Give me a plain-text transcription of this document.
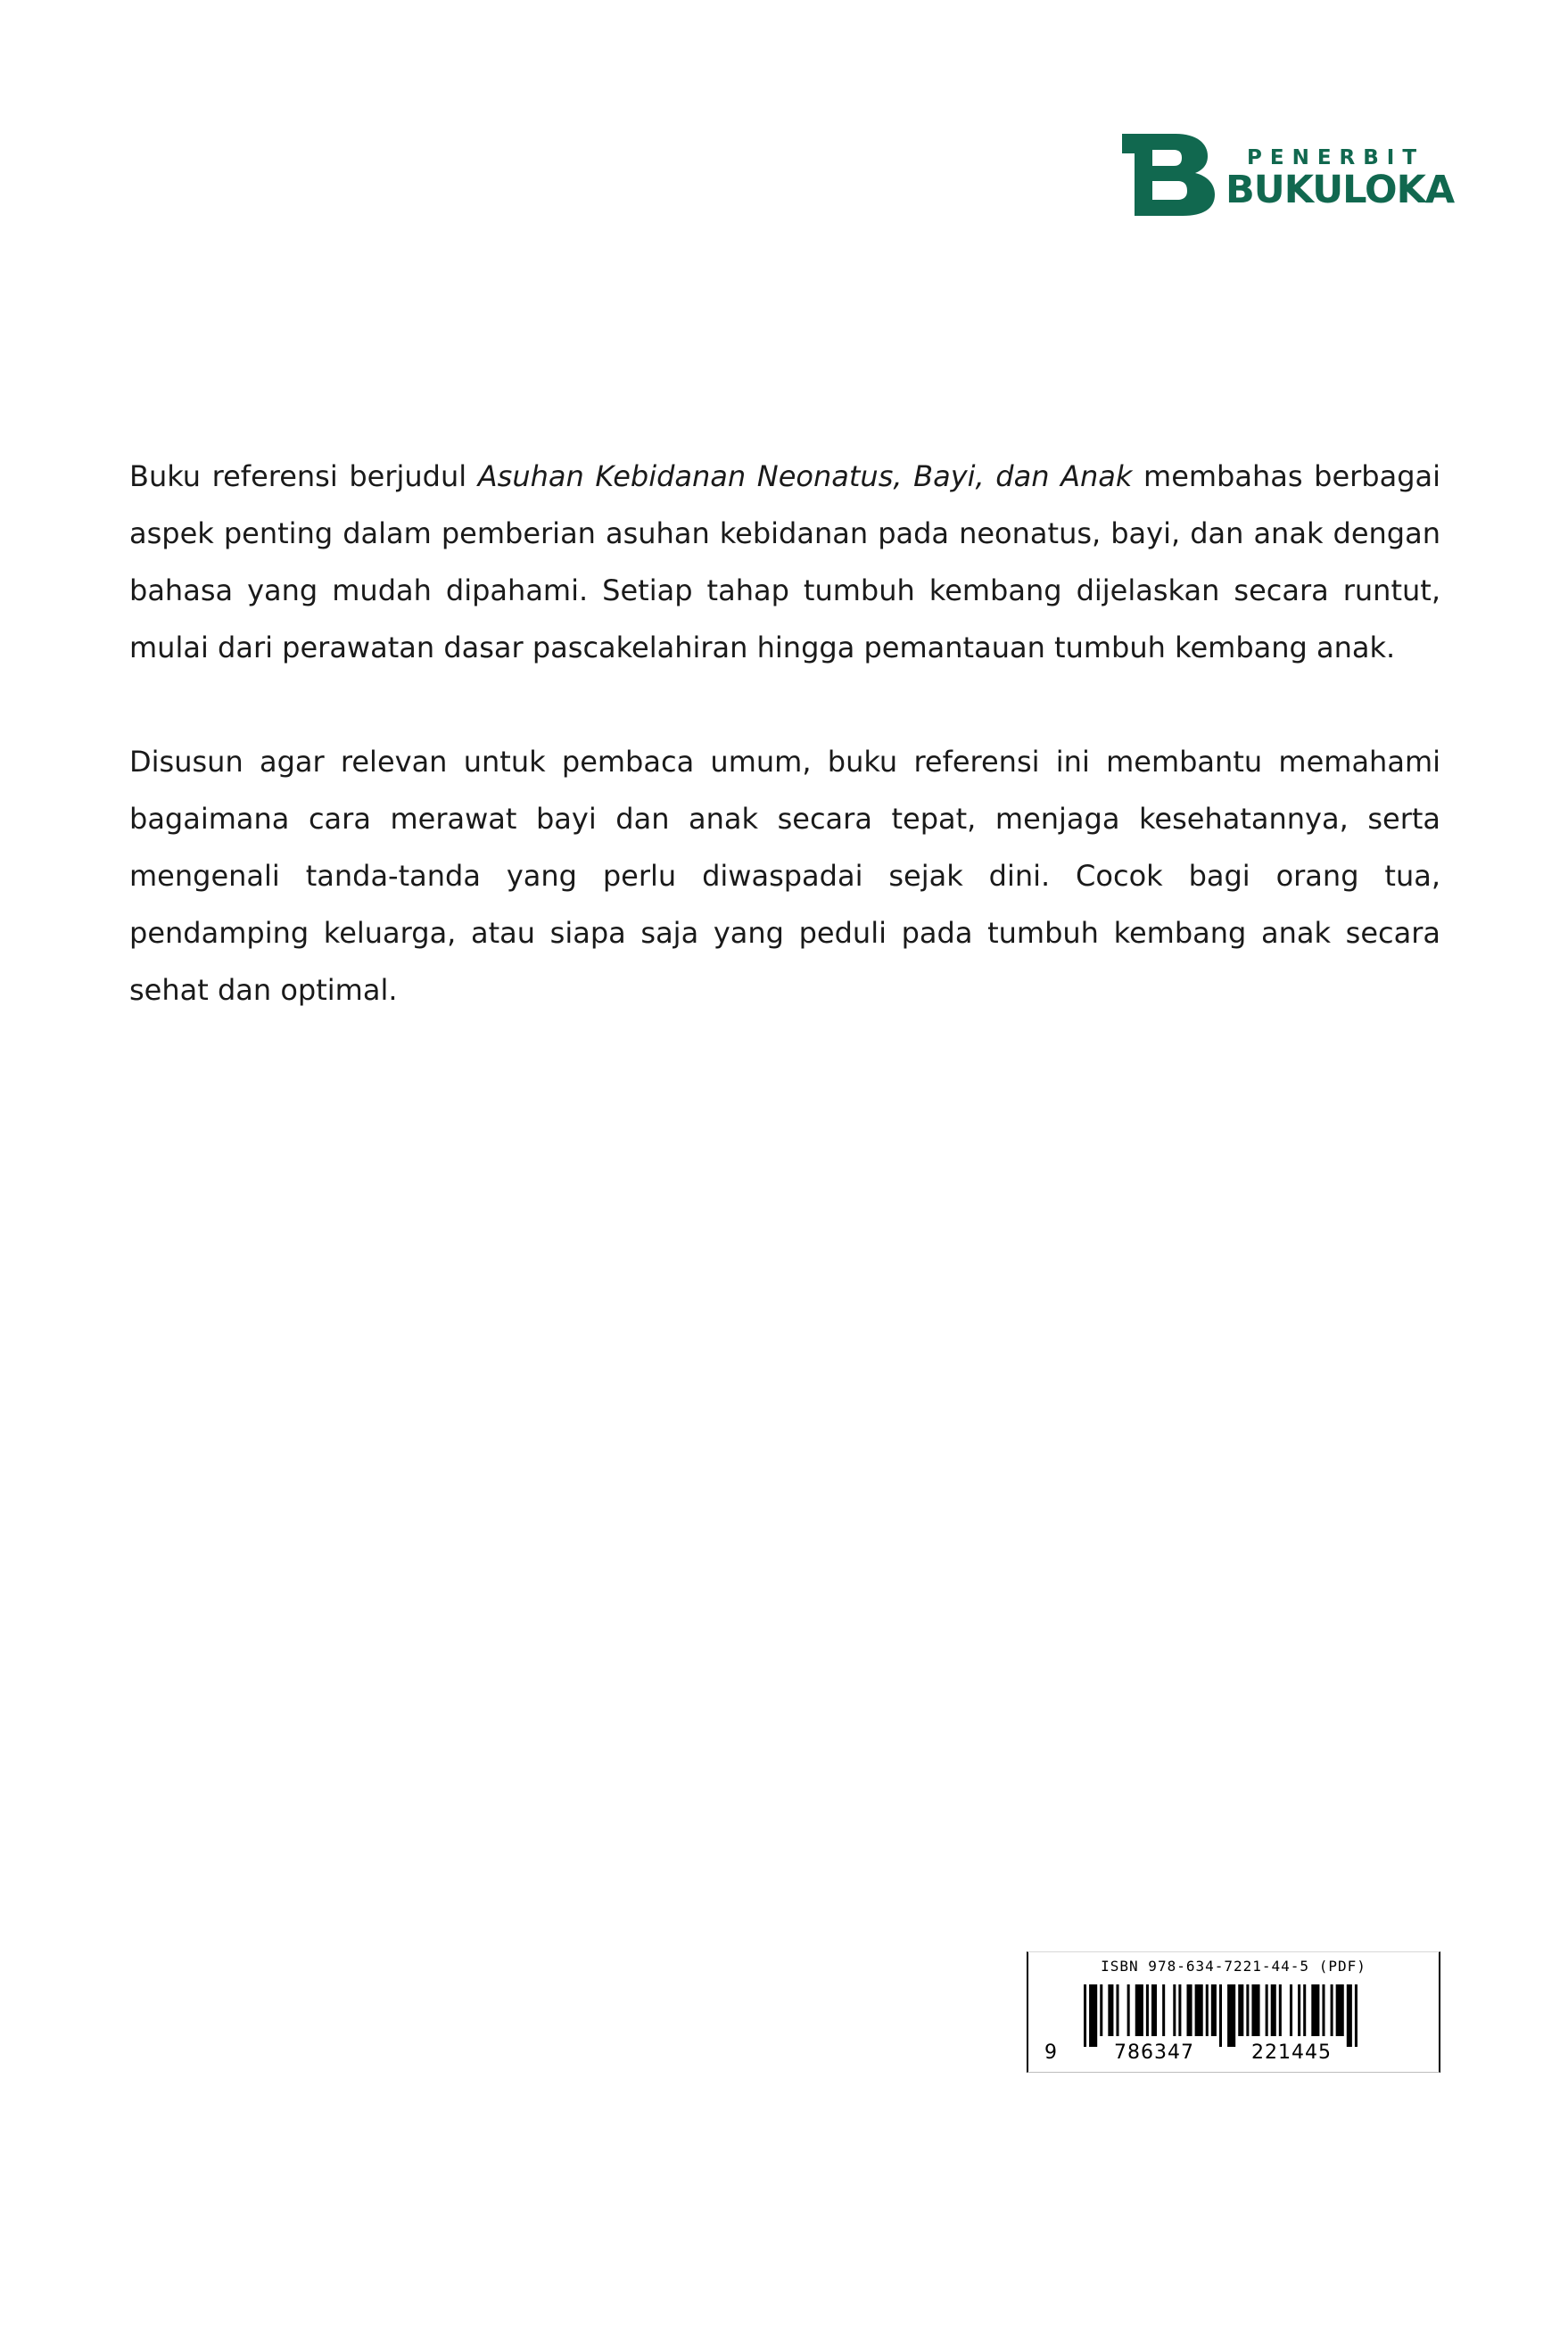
PENERBIT
BUKULOKA

Buku referensi berjudul Asuhan Kebidanan Neonatus, Bayi, dan Anak membahas berbagai aspek penting dalam pemberian asuhan kebidanan pada neonatus, bayi, dan anak dengan bahasa yang mudah dipahami. Setiap tahap tumbuh kembang dijelaskan secara runtut, mulai dari perawatan dasar pascakelahiran hingga pemantauan tumbuh kembang anak.

Disusun agar relevan untuk pembaca umum, buku referensi ini membantu memahami bagaimana cara merawat bayi dan anak secara tepat, menjaga kesehatannya, serta mengenali tanda-tanda yang perlu diwaspadai sejak dini. Cocok bagi orang tua, pendamping keluarga, atau siapa saja yang peduli pada tumbuh kembang anak secara sehat dan optimal.

ISBN 978-634-7221-44-5 (PDF)
9	786347	221445
